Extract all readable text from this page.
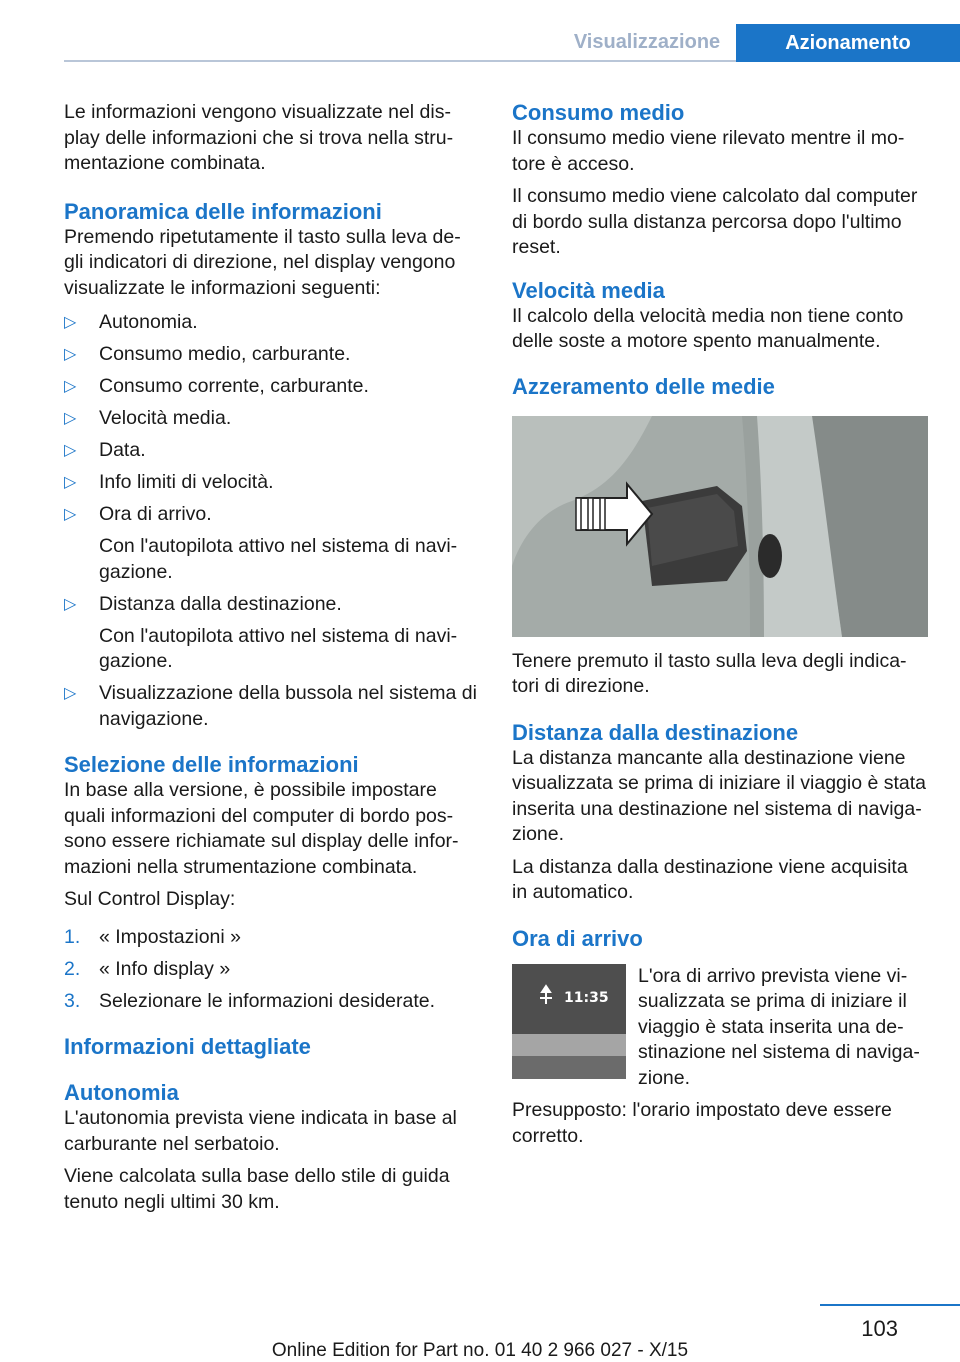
Visualizzazione	Azionamento
Le informazioni vengono visualizzate nel dis‐ play delle informazioni che si trova nella stru‐ mentazione combinata.
Panoramica delle informazioni
Premendo ripetutamente il tasto sulla leva de‐ gli indicatori di direzione, nel display vengono visualizzate le informazioni seguenti:
▷ Autonomia.
▷ Consumo medio, carburante.
▷ Consumo corrente, carburante.
▷ Velocità media.
▷ Data.
▷ Info limiti di velocità.
▷ Ora di arrivo.
Con l'autopilota attivo nel sistema di navi‐ gazione.
▷ Distanza dalla destinazione.
Con l'autopilota attivo nel sistema di navi‐ gazione.
▷ Visualizzazione della bussola nel sistema di navigazione.
Selezione delle informazioni
In base alla versione, è possibile impostare quali informazioni del computer di bordo pos‐ sono essere richiamate sul display delle infor‐ mazioni nella strumentazione combinata.
Sul Control Display:
1. « Impostazioni »
2. « Info display »
3. Selezionare le informazioni desiderate.
Informazioni dettagliate
Autonomia
L'autonomia prevista viene indicata in base al carburante nel serbatoio.
Viene calcolata sulla base dello stile di guida tenuto negli ultimi 30 km.
Consumo medio
Il consumo medio viene rilevato mentre il mo‐ tore è acceso.
Il consumo medio viene calcolato dal computer di bordo sulla distanza percorsa dopo l'ultimo reset.
Velocità media
Il calcolo della velocità media non tiene conto delle soste a motore spento manualmente.
Azzeramento delle medie
Tenere premuto il tasto sulla leva degli indica‐ tori di direzione.
Distanza dalla destinazione
La distanza mancante alla destinazione viene visualizzata se prima di iniziare il viaggio è stata inserita una destinazione nel sistema di naviga‐ zione.
La distanza dalla destinazione viene acquisita in automatico.
Ora di arrivo
11:35
L'ora di arrivo prevista viene vi‐ sualizzata se prima di iniziare il viaggio è stata inserita una de‐ stinazione nel sistema di naviga‐ zione.
Presupposto: l'orario impostato deve essere corretto.
103
Online Edition for Part no. 01 40 2 966 027 - X/15
